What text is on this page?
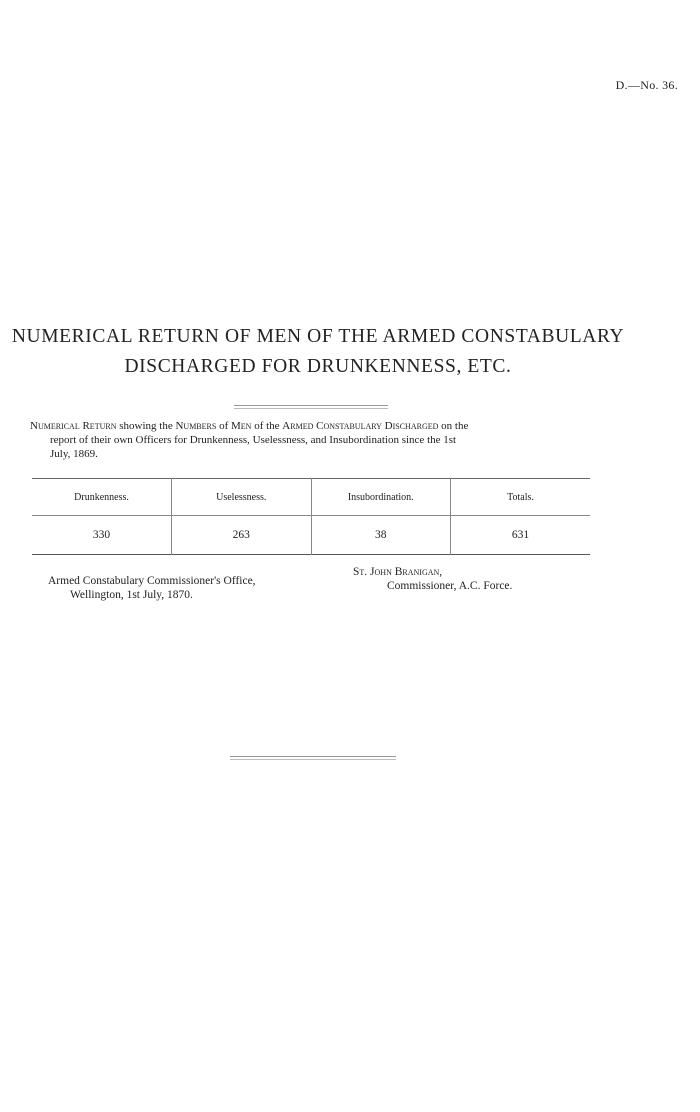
D.—No. 36.
NUMERICAL RETURN OF MEN OF THE ARMED CONSTABULARY
DISCHARGED FOR DRUNKENNESS, ETC.

Numerical Return showing the Numbers of Men of the Armed Constabulary Discharged on the

report of their own Officers for Drunkenness, Uselessness, and Insubordination since the 1st

July, 1869.

Drunkenness.	Uselessness.	Insubordination.	Totals.
330	263	38	631
Armed Constabulary Commissioner's Office,
Wellington, 1st July, 1870.
St. John Branigan,
Commissioner, A.C. Force.
